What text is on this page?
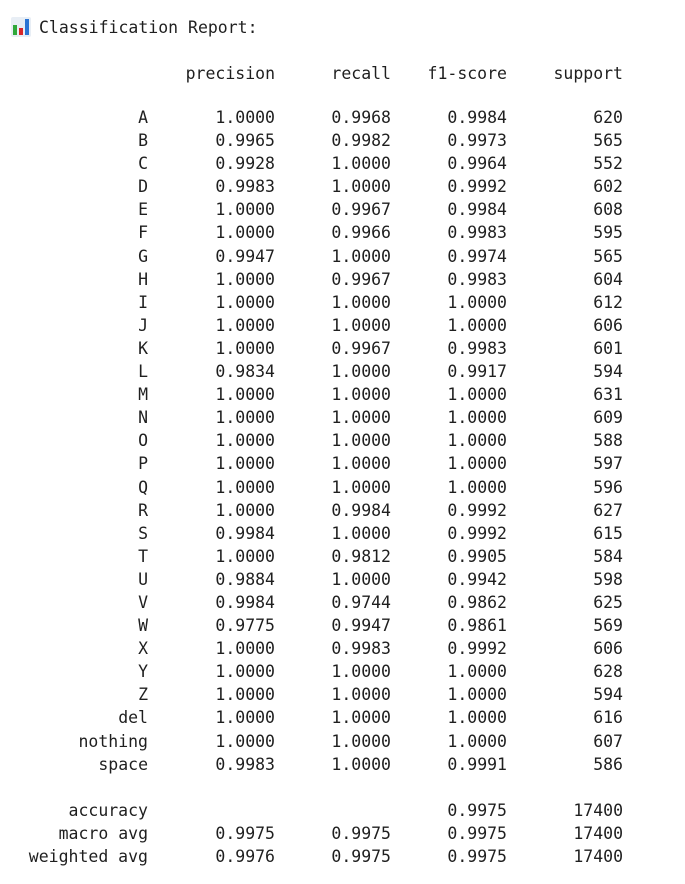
Classification Report:
	precision	recall	f1-score	support
A	1.0000	0.9968	0.9984	620
B	0.9965	0.9982	0.9973	565
C	0.9928	1.0000	0.9964	552
D	0.9983	1.0000	0.9992	602
E	1.0000	0.9967	0.9984	608
F	1.0000	0.9966	0.9983	595
G	0.9947	1.0000	0.9974	565
H	1.0000	0.9967	0.9983	604
I	1.0000	1.0000	1.0000	612
J	1.0000	1.0000	1.0000	606
K	1.0000	0.9967	0.9983	601
L	0.9834	1.0000	0.9917	594
M	1.0000	1.0000	1.0000	631
N	1.0000	1.0000	1.0000	609
O	1.0000	1.0000	1.0000	588
P	1.0000	1.0000	1.0000	597
Q	1.0000	1.0000	1.0000	596
R	1.0000	0.9984	0.9992	627
S	0.9984	1.0000	0.9992	615
T	1.0000	0.9812	0.9905	584
U	0.9884	1.0000	0.9942	598
V	0.9984	0.9744	0.9862	625
W	0.9775	0.9947	0.9861	569
X	1.0000	0.9983	0.9992	606
Y	1.0000	1.0000	1.0000	628
Z	1.0000	1.0000	1.0000	594
del	1.0000	1.0000	1.0000	616
nothing	1.0000	1.0000	1.0000	607
space	0.9983	1.0000	0.9991	586

accuracy			0.9975	17400
macro avg	0.9975	0.9975	0.9975	17400
weighted avg	0.9976	0.9975	0.9975	17400
